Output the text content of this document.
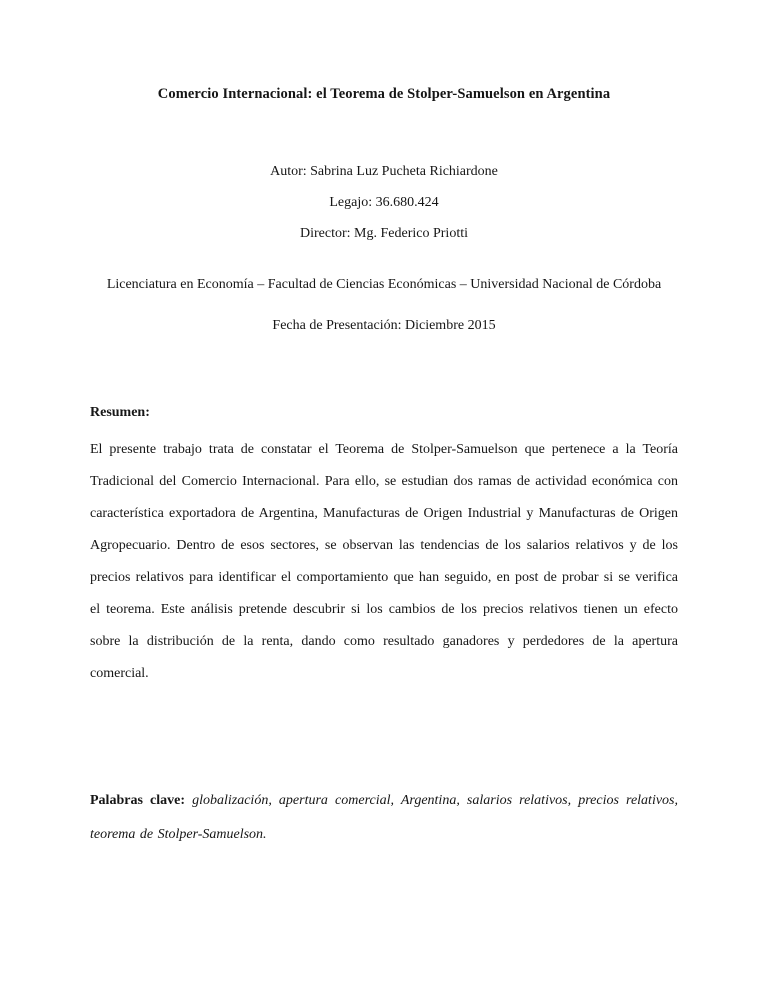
Comercio Internacional: el Teorema de Stolper-Samuelson en Argentina

Autor: Sabrina Luz Pucheta Richiardone

Legajo: 36.680.424

Director: Mg. Federico Priotti

Licenciatura en Economía – Facultad de Ciencias Económicas – Universidad Nacional de Córdoba

Fecha de Presentación: Diciembre 2015

Resumen:

El presente trabajo trata de constatar el Teorema de Stolper-Samuelson que pertenece a la Teoría Tradicional del Comercio Internacional. Para ello, se estudian dos ramas de actividad económica con característica exportadora de Argentina, Manufacturas de Origen Industrial y Manufacturas de Origen Agropecuario. Dentro de esos sectores, se observan las tendencias de los salarios relativos y de los precios relativos para identificar el comportamiento que han seguido, en post de probar si se verifica el teorema. Este análisis pretende descubrir si los cambios de los precios relativos tienen un efecto sobre la distribución de la renta, dando como resultado ganadores y perdedores de la apertura comercial.

Palabras clave: globalización, apertura comercial, Argentina, salarios relativos, precios relativos, teorema de Stolper-Samuelson.
